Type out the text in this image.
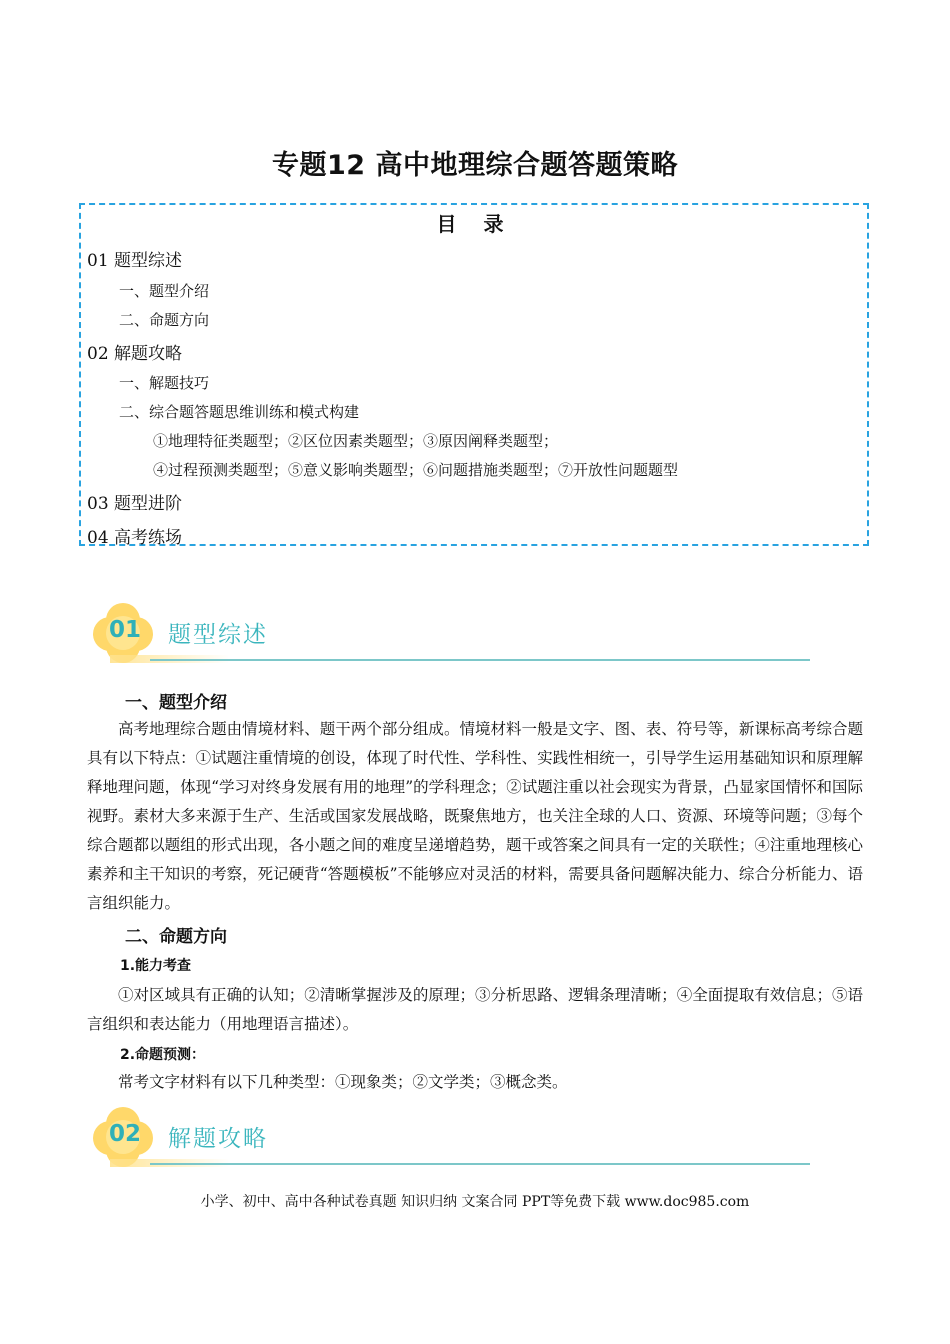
专题12 高中地理综合题答题策略
目 录
01 题型综述
一、题型介绍
二、命题方向
02 解题攻略
一、解题技巧
二、综合题答题思维训练和模式构建
①地理特征类题型；②区位因素类题型；③原因阐释类题型；
④过程预测类题型；⑤意义影响类题型；⑥问题措施类题型；⑦开放性问题题型
03 题型进阶
04 高考练场
01	题型综述
一、题型介绍

高考地理综合题由情境材料、题干两个部分组成。情境材料一般是文字、图、表、符号等，新课标高考综合题具有以下特点：①试题注重情境的创设，体现了时代性、学科性、实践性相统一，引导学生运用基础知识和原理解释地理问题，体现“学习对终身发展有用的地理”的学科理念；②试题注重以社会现实为背景，凸显家国情怀和国际视野。素材大多来源于生产、生活或国家发展战略，既聚焦地方，也关注全球的人口、资源、环境等问题；③每个综合题都以题组的形式出现，各小题之间的难度呈递增趋势，题干或答案之间具有一定的关联性；④注重地理核心素养和主干知识的考察，死记硬背“答题模板”不能够应对灵活的材料，需要具备问题解决能力、综合分析能力、语言组织能力。

二、命题方向
1.能力考查

①对区域具有正确的认知；②清晰掌握涉及的原理；③分析思路、逻辑条理清晰；④全面提取有效信息；⑤语言组织和表达能力（用地理语言描述）。

2.命题预测：

常考文字材料有以下几种类型：①现象类；②文学类；③概念类。

02	解题攻略
小学、初中、高中各种试卷真题 知识归纳 文案合同 PPT等免费下载 www.doc985.com
